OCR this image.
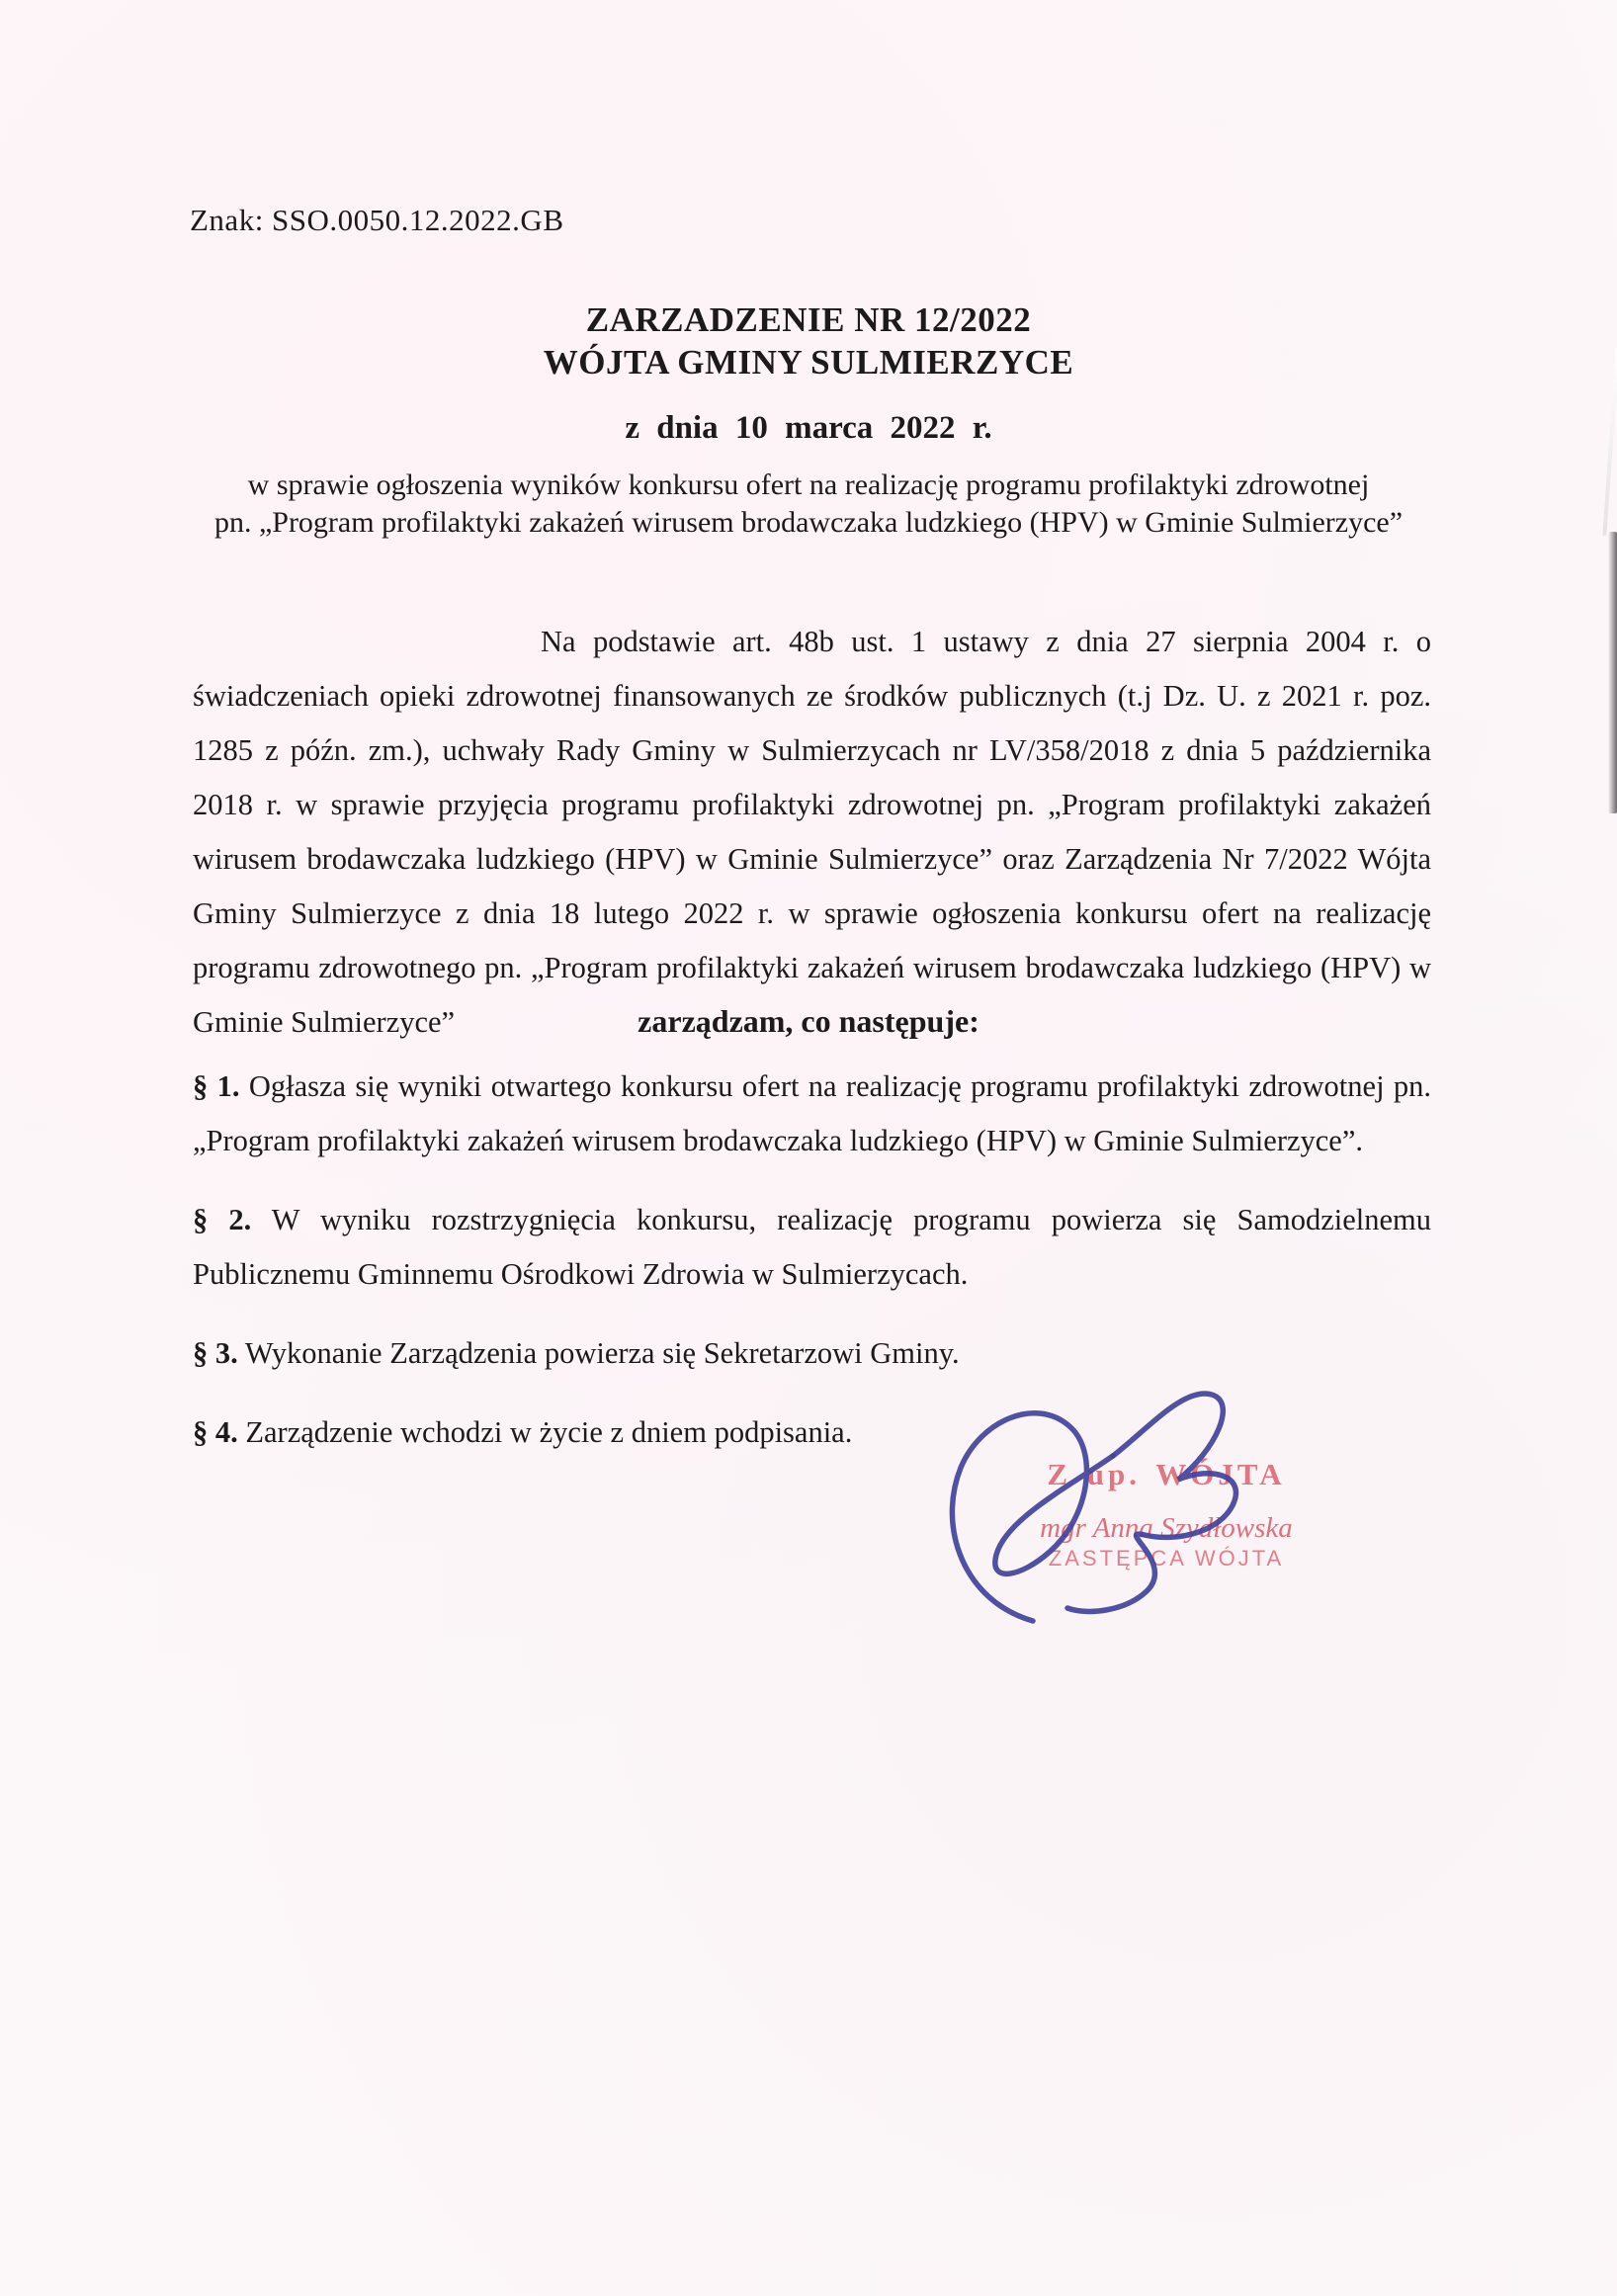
Znak: SSO.0050.12.2022.GB
ZARZADZENIE NR 12/2022
WÓJTA GMINY SULMIERZYCE
z dnia 10 marca 2022 r.
w sprawie ogłoszenia wyników konkursu ofert na realizację programu profilaktyki zdrowotnej
pn. „Program profilaktyki zakażeń wirusem brodawczaka ludzkiego (HPV) w Gminie Sulmierzyce”
Na podstawie art. 48b ust. 1 ustawy z dnia 27 sierpnia 2004 r. o świadczeniach opieki zdrowotnej finansowanych ze środków publicznych (t.j Dz. U. z 2021 r. poz. 1285 z późn. zm.), uchwały Rady Gminy w Sulmierzycach nr LV/358/2018 z dnia 5 października 2018 r. w sprawie przyjęcia programu profilaktyki zdrowotnej pn. „Program profilaktyki zakażeń wirusem brodawczaka ludzkiego (HPV) w Gminie Sulmierzyce” oraz Zarządzenia Nr 7/2022 Wójta Gminy Sulmierzyce z dnia 18 lutego 2022 r. w sprawie ogłoszenia konkursu ofert na realizację programu zdrowotnego pn. „Program profilaktyki zakażeń wirusem brodawczaka ludzkiego (HPV) w Gminie Sulmierzyce”	zarządzam, co następuje:

§ 1. Ogłasza się wyniki otwartego konkursu ofert na realizację programu profilaktyki zdrowotnej pn. „Program profilaktyki zakażeń wirusem brodawczaka ludzkiego (HPV) w Gminie Sulmierzyce”.

§ 2. W wyniku rozstrzygnięcia konkursu, realizację programu powierza się Samodzielnemu Publicznemu Gminnemu Ośrodkowi Zdrowia w Sulmierzycach.

§ 3. Wykonanie Zarządzenia powierza się Sekretarzowi Gminy.

§ 4. Zarządzenie wchodzi w życie z dniem podpisania.

Z up. WÓJTA
mgr Anna Szydłowska
ZASTĘPCA WÓJTA
